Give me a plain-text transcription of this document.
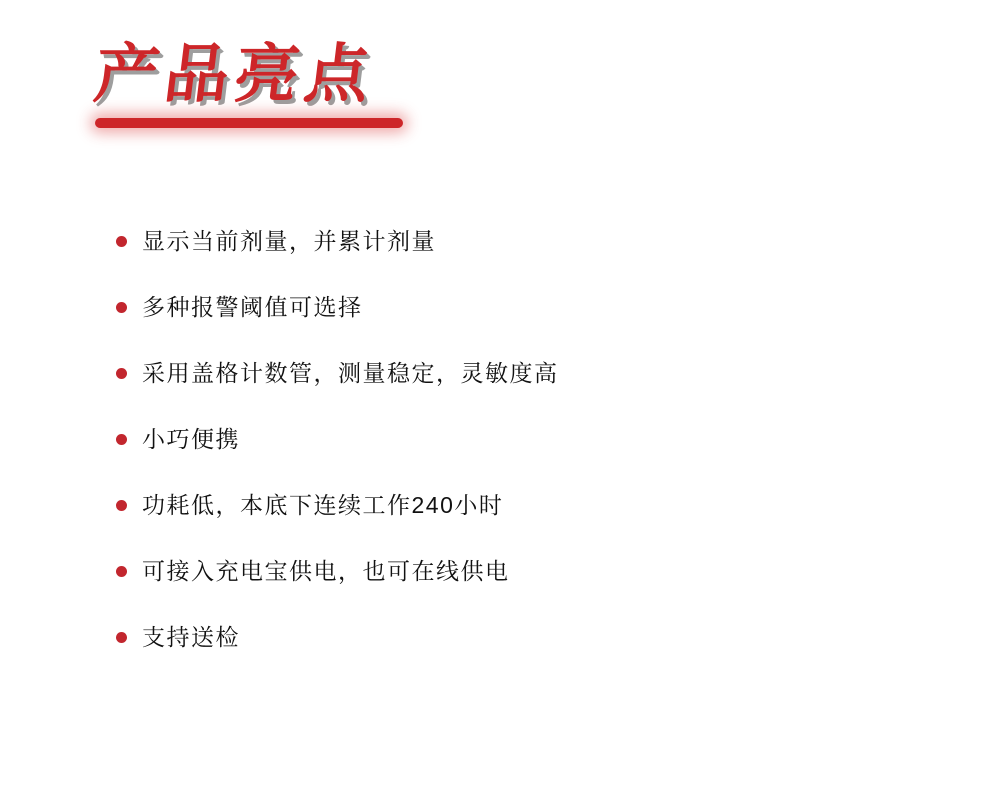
产品亮点
显示当前剂量，并累计剂量
多种报警阈值可选择
采用盖格计数管，测量稳定，灵敏度高
小巧便携
功耗低，本底下连续工作240小时
可接入充电宝供电，也可在线供电
支持送检
